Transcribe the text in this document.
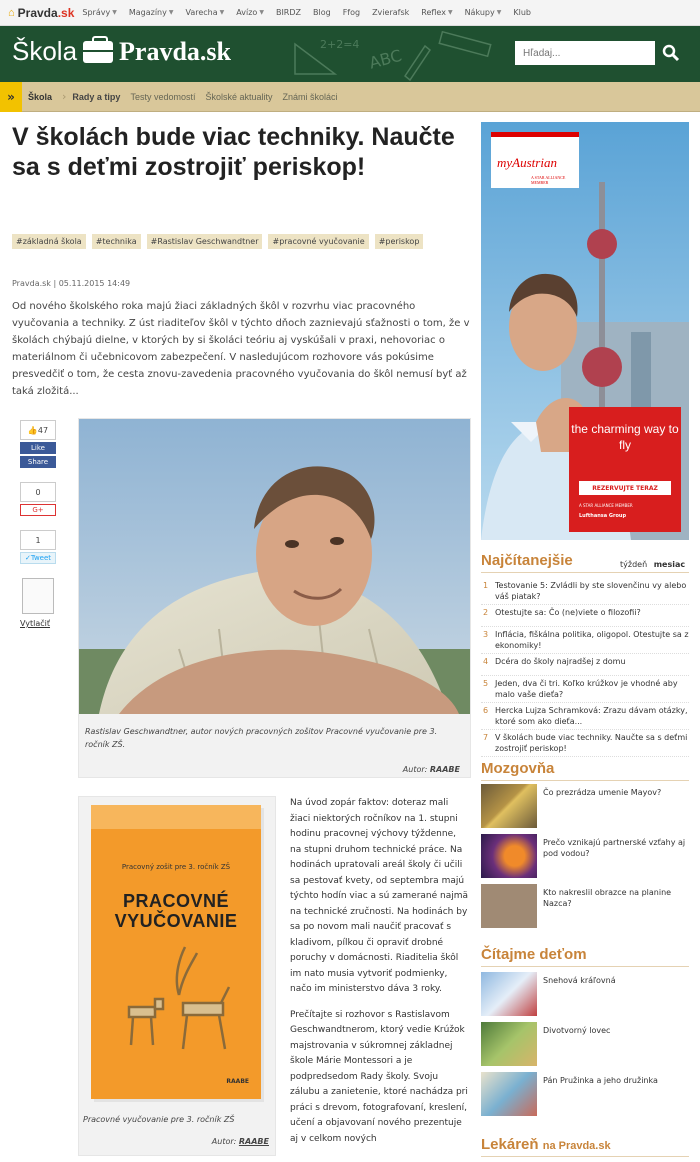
⌂ Pravda .sk Správy ▼ Magazíny ▼ Varecha ▼ Avízo ▼ BIRDZ Blog Ffog Zvierafsk Reflex ▼ Nákupy ▼ Klub
Škola Pravda.sk	2+2=4
ABC
Hľadaj...
»	Škola › Rady a tipy Testy vedomostí Školské aktuality Známi školáci
V školách bude viac techniky. Naučte sa s deťmi zostrojiť periskop!
#základná škola	#technika	#Rastislav Geschwandtner	#pracovné vyučovanie	#periskop
Pravda.sk | 05.11.2015 14:49

Od nového školského roka majú žiaci základných škôl v rozvrhu viac pracovného vyučovania a techniky. Z úst riaditeľov škôl v týchto dňoch zaznievajú sťažnosti o tom, že v školách chýbajú dielne, v ktorých by si školáci teóriu aj vyskúšali v praxi, nehovoriac o materiálnom či učebnicovom zabezpečení. V nasledujúcom rozhovore vás pokúsime presvedčiť o tom, že cesta znovu-zavedenia pracovného vyučovania do škôl nemusí byť až taká zložitá...

👍 47
Like
Share
0
G+
1
✓ Tweet
Vytlačiť
Rastislav Geschwandtner, autor nových pracovných zošitov Pracovné vyučovanie pre 3. ročník ZŠ.
Autor: RAABE
Pracovný zošit pre 3. ročník ZŠ
PRACOVNÉ
VYUČOVANIE
RAABE
Pracovné vyučovanie pre 3. ročník ZŠ
Autor: RAABE

Na úvod zopár faktov: doteraz mali žiaci niektorých ročníkov na 1. stupni hodinu pracovnej výchovy týždenne, na stupni druhom technické práce. Na hodinách upratovali areál školy či učili sa pestovať kvety, od septembra majú týchto hodín viac a sú zamerané najmä na technické zručnosti. Na hodinách by sa po novom mali naučiť pracovať s kladivom, pílkou či opraviť drobné poruchy v domácnosti. Riaditelia škôl im nato musia vytvoriť podmienky, načo im ministerstvo dáva 3 roky.

Prečítajte si rozhovor s Rastislavom Geschwandtnerom, ktorý vedie Krúžok majstrovania v súkromnej základnej škole Márie Montessori a je podpredsedom Rady školy. Svoju zálubu a zanietenie, ktoré nachádza pri práci s drevom, fotografovaní, kreslení, učení a objavovaní nového prezentuje aj v celkom nových

myAustrian
A STAR ALLIANCE MEMBER
the charming way to fly
REZERVUJTE TERAZ
A STAR ALLIANCE MEMBER
Lufthansa Group
Najčítanejšie	týždeň mesiac
1 Testovanie 5: Zvládli by ste slovenčinu vy alebo váš piatak?
2 Otestujte sa: Čo (ne)viete o filozofii?
3 Inflácia, fiškálna politika, oligopol. Otestujte sa z ekonomiky!
4 Dcéra do školy najradšej z domu
5 Jeden, dva či tri. Koľko krúžkov je vhodné aby malo vaše dieťa?
6 Hercka Lujza Schramková: Zrazu dávam otázky, ktoré som ako dieťa...
7 V školách bude viac techniky. Naučte sa s deťmi zostrojiť periskop!
Mozgovňa
Čo prezrádza umenie Mayov?
Prečo vznikajú partnerské vzťahy aj pod vodou?
Kto nakreslil obrazce na planine Nazca?
Čítajme deťom
Snehová kráľovná
Divotvorný lovec
Pán Pružinka a jeho družinka
Lekáreň na Pravda.sk
